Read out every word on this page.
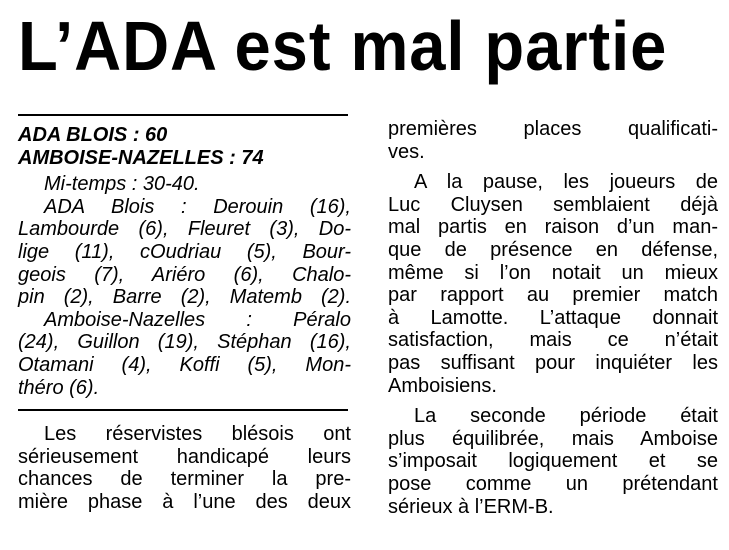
L’ADA est mal partie
ADA BLOIS : 60
AMBOISE-NAZELLES : 74
Mi-temps : 30-40.
ADA Blois : Derouin (16),
Lambourde (6), Fleuret (3), Do-
lige (11), cOudriau (5), Bour-
geois (7), Ariéro (6), Chalo-
pin (2), Barre (2), Matemb (2).
Amboise-Nazelles : Péralo
(24), Guillon (19), Stéphan (16),
Otamani (4), Koffi (5), Mon-
théro (6).
Les réservistes blésois ont
sérieusement handicapé leurs
chances de terminer la pre-
mière phase à l’une des deux
premières places qualificati-
ves.
A la pause, les joueurs de
Luc Cluysen semblaient déjà
mal partis en raison d’un man-
que de présence en défense,
même si l’on notait un mieux
par rapport au premier match
à Lamotte. L’attaque donnait
satisfaction, mais ce n’était
pas suffisant pour inquiéter les
Amboisiens.
La seconde période était
plus équilibrée, mais Amboise
s’imposait logiquement et se
pose comme un prétendant
sérieux à l’ERM-B.
